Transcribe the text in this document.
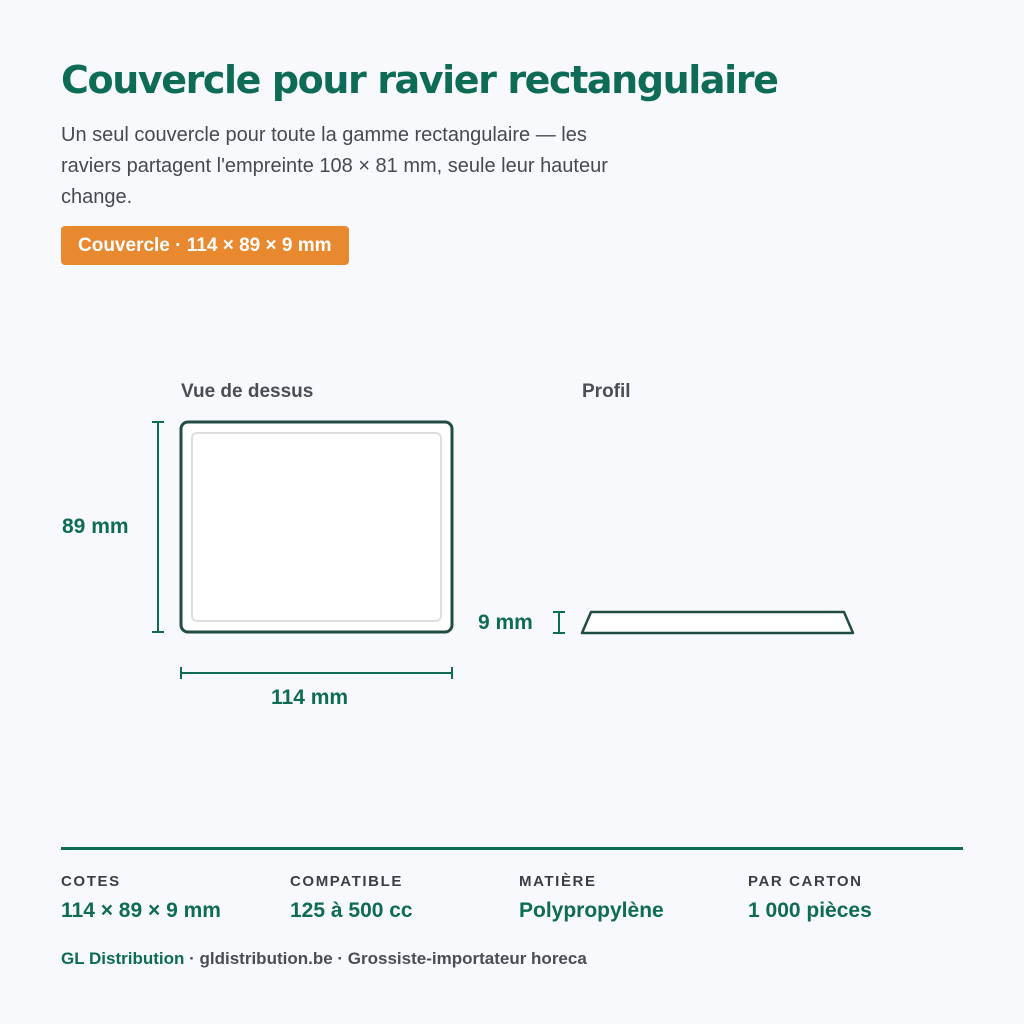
Couvercle pour ravier rectangulaire

Un seul couvercle pour toute la gamme rectangulaire — les raviers partagent l'empreinte 108 × 81 mm, seule leur hauteur change.

Couvercle · 114 × 89 × 9 mm
Vue de dessus	Profil
89 mm
114 mm
9 mm
COTES
114 × 89 × 9 mm
COMPATIBLE
125 à 500 cc
MATIÈRE
Polypropylène
PAR CARTON
1 000 pièces
GL Distribution · gldistribution.be · Grossiste-importateur horeca
